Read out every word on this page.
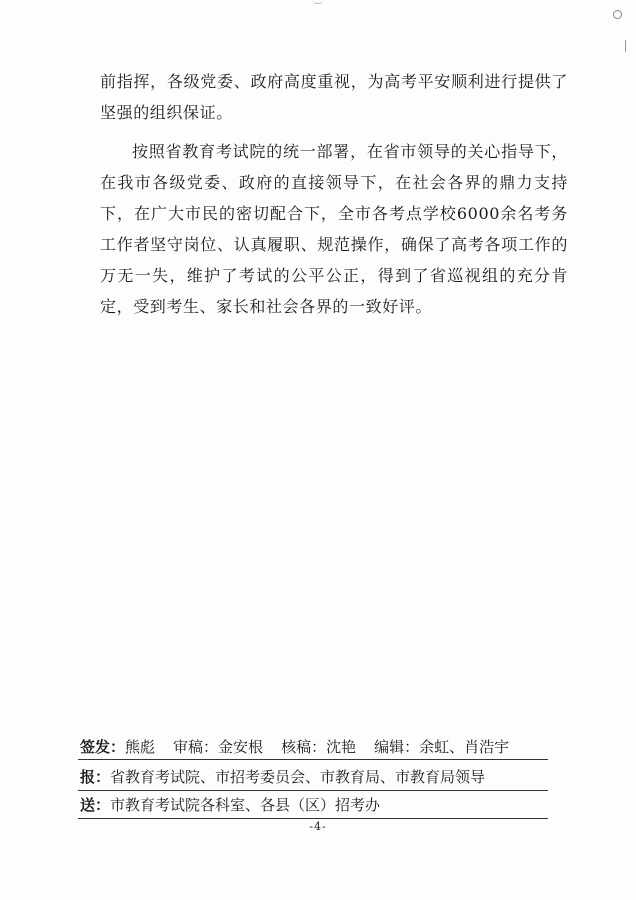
前指挥，各级党委、政府高度重视，为高考平安顺利进行提供了坚强的组织保证。

按照省教育考试院的统一部署，在省市领导的关心指导下，在我市各级党委、政府的直接领导下，在社会各界的鼎力支持下，在广大市民的密切配合下，全市各考点学校6000余名考务工作者坚守岗位、认真履职、规范操作，确保了高考各项工作的万无一失，维护了考试的公平公正，得到了省巡视组的充分肯定，受到考生、家长和社会各界的一致好评。

签发：熊彪 审稿：金安根 核稿：沈艳 编辑：余虹、肖浩宇
报：省教育考试院、市招考委员会、市教育局、市教育局领导
送：市教育考试院各科室、各县（区）招考办
-4-
